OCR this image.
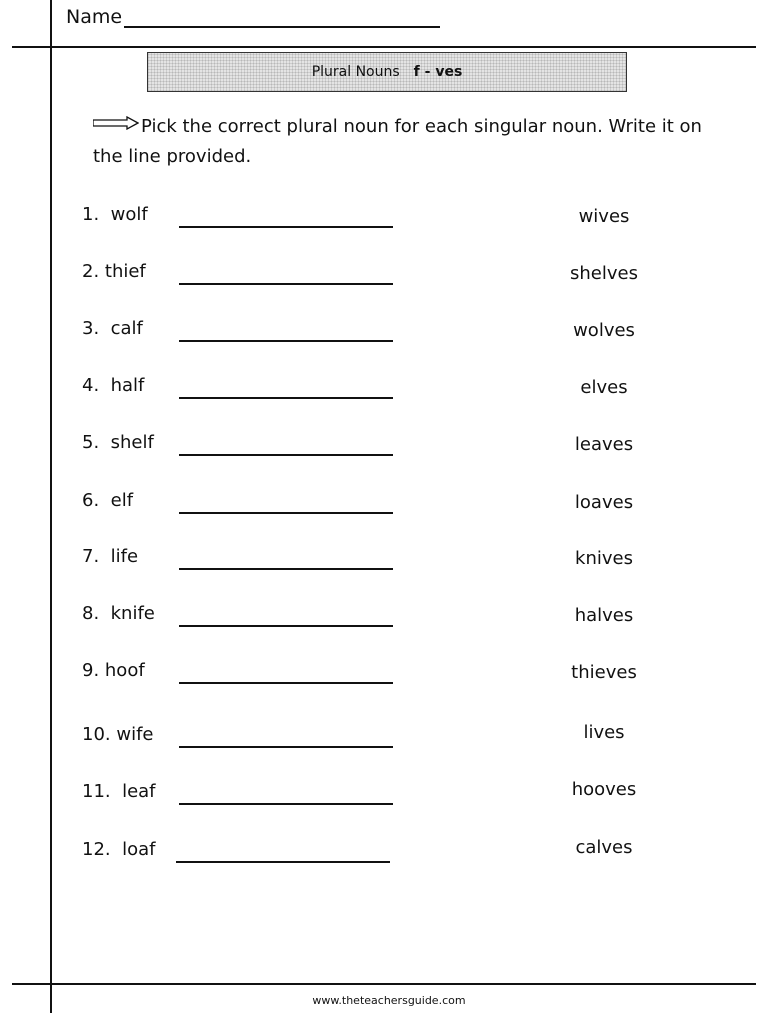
Name
Plural Nouns f - ves
Pick the correct plural noun for each singular noun. Write it on the line provided.
1.  wolf	wives
2. thief	shelves
3.  calf	wolves
4.  half	elves
5.  shelf	leaves
6.  elf	loaves
7.  life	knives
8.  knife	halves
9. hoof	thieves
10. wife	lives
11.  leaf	hooves
12.  loaf	calves
www.theteachersguide.com
